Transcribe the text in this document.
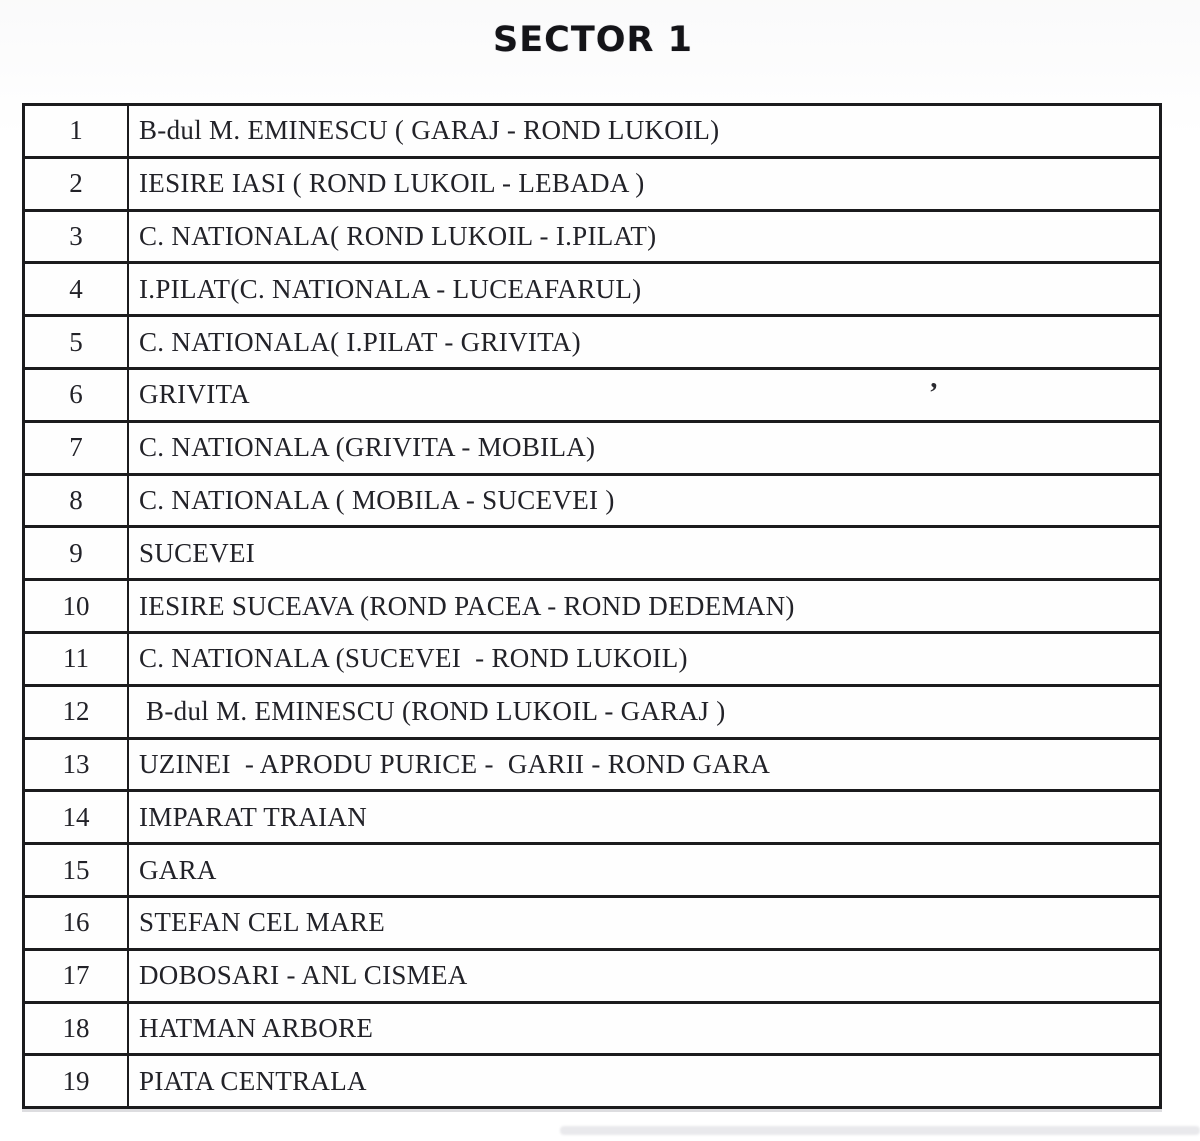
SECTOR 1
1	B-dul M. EMINESCU ( GARAJ - ROND LUKOIL)
2	IESIRE IASI ( ROND LUKOIL - LEBADA )
3	C. NATIONALA( ROND LUKOIL - I.PILAT)
4	I.PILAT(C. NATIONALA - LUCEAFARUL)
5	C. NATIONALA( I.PILAT - GRIVITA)
6	GRIVITA	’
7	C. NATIONALA (GRIVITA - MOBILA)
8	C. NATIONALA ( MOBILA - SUCEVEI )
9	SUCEVEI
10	IESIRE SUCEAVA (ROND PACEA - ROND DEDEMAN)
11	C. NATIONALA (SUCEVEI  - ROND LUKOIL)
12	B-dul M. EMINESCU (ROND LUKOIL - GARAJ )
13	UZINEI  - APRODU PURICE -  GARII - ROND GARA
14	IMPARAT TRAIAN
15	GARA
16	STEFAN CEL MARE
17	DOBOSARI - ANL CISMEA
18	HATMAN ARBORE
19	PIATA CENTRALA
